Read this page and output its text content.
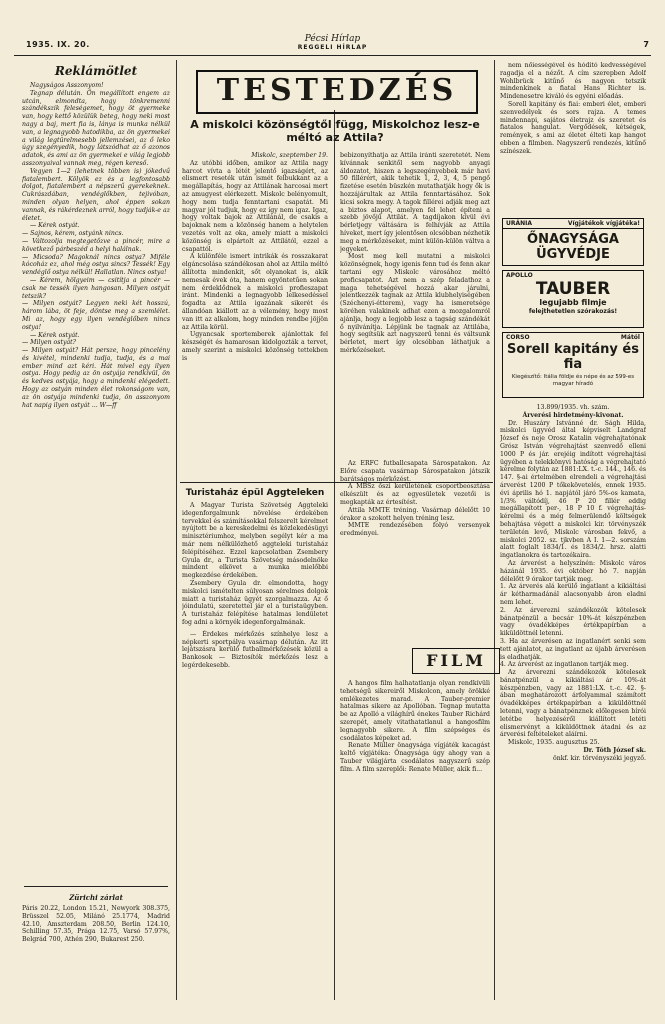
1935. IX. 20.
Pécsi Hírlap
REGGELI HÍRLAP	7
Reklámötlet

Nagyságos Asszonyom!

Tegnap délután. Ön megállított engem az utcán, elmondta, hogy tönkremenni szándékszik feleségemet, hogy öt gyermeke van, hogy kettő közülük beteg, hogy neki most nagy a baj, mert fia is, lánya is munka nélkül van, a legnagyobb hatodikba, az ön gyermekei a világ legtürelmesebb jellemzései, az ő leko úgy szegényedik, hogy látszódhat az ő azonos adatok, és ami az ön gyermekei e világ legjobb asszonyaival vannak meg, régen kereső.

Vegyen 1—2 (lehetnek többen is) jókedvű fiatalembert. Kölyök ez és a legfontosabb dolgot, fiatalembert a népszerű gyerekeknek. Cukrászdában, vendéglőkben, tejivóban, minden olyan helyen, ahol éppen sokan vannak, és rákérdeznek arról, hogy tudják-e az életet.

— Kérek ostyát.
— Sajnos, kérem, ostyánk nincs.
— Változolja megtegetőzve a pincér, mire a következő párbeszéd a helyi halálnak.
— Micsoda? Magoknál nincs ostya? Miféle kócoház ez, ahol még ostya sincs? Tessék! Egy vendéglő ostya nélkül! Hallatlan. Nincs ostya!

— Kérem, hölgyeim — csitítja a pincér — csak ne tessék ilyen hangosan. Milyen ostyát tetszik?
— Milyen ostyát? Legyen neki két hosszú, három lába, öt feje, döntse meg a szemlélet. Mi az, hogy egy ilyen vendéglőben nincs ostya!

— Kérek ostyát.
— Milyen ostyát?
— Milyen ostyát? Hát persze, hogy pincelény és kivétel, mindenki tudja, tudja, és a mai ember mind azt kéri. Hát mivel egy ilyen ostya. Hogy pedig az ön ostyája rendkívül, ön és kedves ostyája, hogy a mindenki elégedett. Hogy az ostyán minden élet rokonságom van, az ön ostyája mindenki tudja, ön asszonyom hat napig ilyen ostyát ... W—ff

Zürichi zárlat

Páris 20.22, London 15.21, Newyork 308.375, Brüsszel 52.05, Milánó 25.1774, Madrid 42.10, Amszterdam 208.50, Berlin 124.10, Schilling 57.35, Prága 12.75, Varsó 57.97%, Belgrád 700, Athén 290, Bukarest 250.

TESTEDZÉS
A miskolci közönségtől függ, Miskolchoz lesz-e méltó az Attila?

Miskolc, szeptember 19.

Az utóbbi időben, amikor az Attila nagy harcot vívta a létét jelentő igazságért, az elismert reseték után ismét felbukkant az a megállapítás, hogy az Attilának harcosai mert az amugyest elérkezett. Miskolc belényomult, hogy nem tudja fenntartani csapatát. Mi magyar jól tudjuk, hogy ez így nem igaz. Igaz, hogy voltak bajok az Attilánál, de csakis a bajoknak nem a közönség hanem a helytelen vezetés volt az oka, amely miatt a miskolci közönség is elpártolt az Attilától, ezzel a csapattól.

A különféle ismert intrikák és rosszakarat elgáncsolása szándékosan ahol az Attila méltó állította mindenkit, sőt olyanokat is, akik nemesak évek óta, hanem egyöntetűen sokan nem érdeklődnek a miskolci profieszapat iránt. Mindenki a legnagyobb lelkesedéssel fogadta az Attila igazának sikerét és állandóan kiállott az a vélemény, hogy most van itt az alkalom, hogy minden rendbe jöjjön az Attila körül.

Ugyancsak sportemberek ajánlottak fel készségét és hamarosan kidolgozták a tervet, amely szerint a miskolci közönség tettekben is

bebizonyíthatja az Attila iránti szeretetét. Nem kívánnak senkitől sem nagyobb anyagi áldozatot, hiszen a legszegényebbek már havi 50 fillérért, akik tehetik 1, 2, 3, 4, 5 pengő fizetése esetén büszkén mutathatják hogy ők is hozzájárultak az Attila fenntartásához. Sok kicsi sokra megy. A tagok fillérei adják meg azt a biztos alapot, amelyen fel lehet építeni a szebb jövőjű Attilát. A tagdíjakon kívül évi bérletjegy váltására is felhívják az Attila híveket, mert így jelentősen olcsóbban nézhetik meg a mérkőzéseket, mint külön-külön váltva a jegyeket.

Most meg kell mutatni a miskolci közönségnek, hogy igenis fenn tud és fenn akar tartani egy Miskolc városához méltó proficsapatot. Azt nem a szép feladathoz a maga tehetségével hozzá akar járulni, jelentkezzék tagnak az Attila klubhelyiségében (Széchenyi-étterem), vagy ha ismeretsége köréhen valakinek adhat ezen a mozgalomról ajánlja, hogy a legjobb lesz a tagság szándékát ő nyilvánítja. Lépjünk be tagnak az Attilába, hogy segítsük azt nagyszerű tenni és váltsunk bérletet, mert így olcsóbban láthatjuk a mérkőzéseket.

Turistaház épül Aggteleken

A Magyar Turista Szövetség Aggteleki idegenforgalmunk növelése érdekében tervekkel és számításokkal felszerelt kérelmet nyújtott be a kereskedelmi és közlekedésügyi minisztériumhoz, melyben segélyt kér a ma már nem nélkülözhető aggteleki turistaház felépítéséhez. Ezzel kapcsolatban Zsembery Gyula dr., a Turista Szövetség másodelnöke mindent elkövet a munka mielőbbi megkezdése érdekében.

Zsembery Gyula dr. elmondotta, hogy miskolci ismételten súlyosan sérelmes dolgok miatt a turistaház ügyét szorgalmazza. Az ő jóindulatú, szeretettel jár el a turistaügyben. A turistaház felépítése hatalmas lendületet fog adni a környék idegenforgalmának.

— Érdekes mérkőzés színhelye lesz a népkerti sportpálya vasárnap délután. Az itt lejátszásra kerülő futballmérkőzések közül a Bankosok — Biztosítók mérkőzés lesz a legérdekesebb.

Az ERFC futballcsapata Sárospatakon. Az Előre csapata vasárnap Sárospatakon játszik barátságos mérkőzést.

A MBSz őszi kerületének csoportbeosztása elkészült és az egyesületek vezetői is megkapták az értesítést.

Attila MMTE tréning. Vasárnap délelőtt 10 órakor a szokott helyen tréning lesz.

MMTE rendezésében folyó versenyek eredményei.

FILM

A hangos film halhatatlanja olyan rendkívüli tehetségű sikereiről Miskolcon, amely örökké emlékezetes marad. A Tauber-premier hatalmas sikere az Apollóban. Tegnap mutatta be az Apolló a világhírű énekes Tauber Richárd szerepét, amely vitathatatlanul a hangosfilm legnagyobb sikere. A film szépséges és csodálatos képeket ad.

Renate Müller önagysága vígjáték kacagást keltő vígjátéka: Önagysága úgy ahogy van a Tauber világjárta csodálatos nagyszerű szép film. A film szereplői: Renate Müller, akik fi...

nem nőiességével és hódító kedvességével ragadja el a nézőt. A cím szerepben Adolf Wohlbrück kitűnő és nagyon tetszik mindenkinek a fiatal Hans Richter is. Mindenesetre kiváló és egyéni előadás.

Sorell kapitány és fiai: emberi élet, emberi szenvedélyek és sors rajza. A temes mindennapi, sajátos életrajz és szeretet és fiatalos hangulat. Vergődések, kétségek, remények, s ami az életet élteti kap hangot ebben a filmben. Nagyszerű rendezés, kitűnő színészek.

URÁNIA	Vígjátékok vígjátéka!
ŐNAGYSÁGA ÜGYVÉDJE
APOLLO
TAUBER
legujabb filmje
felejthetetlen szórakozás!
CORSO	Mától
Sorell kapitány és fia
Kiegészítő: Itália földje és népe és az 599-es magyar híradó

13.899/1935. vh. szám.

Árverési hirdetmény-kivonat.

Dr. Huszáry Istvánné dr. Ságh Hilda, miskolci ügyvéd által képviselt Landgraf József és neje Orosz Katalin végrehajtatónak Grósz István végrehajtást szenvedő elleni 1000 P és jár. erejéig indított végrehajtási ügyében a telekkönyvi hatóság a végrehajtató kérelme folytán az 1881:LX. t.-c. 144., 146. és 147. §-ai értelmében elrendeli a végrehajtási árverést 1200 P tőkekövetelés, ennek 1935. évi április hó 1. napjától járó 5%-os kamata, 1/3% váltódíj, 46 P 20 fillér eddig megállapított per-, 18 P 10 f. végrehajtás-kérelmi és a még felmerülendő költségek behajtása végett a miskolci kir. törvényszék területén levő, Miskolc városban fekvő, a miskolci 2052. sz. tjkvben A I. 1—2. sorszám alatt foglalt 1834/1. és 1834/2. hrsz. alatti ingatlanokra és tartozékaira.

Az árverést a helyszínén: Miskolc város házánál 1935. évi október hó 7. napján délelőtt 9 órakor tartják meg.

1. Az árverés alá kerülő ingatlant a kikiáltási ár kétharmadánál alacsonyabb áron eladni nem lehet.
2. Az árverezni szándékozók kötelesek bánatpénzül a becsár 10%-át készpénzben vagy óvadékképes értékpapírban a kiküldöttnél letenni.
3. Ha az árverésen az ingatlanért senki sem tett ajánlatot, az ingatlant az újabb árverésen is eladhatják.
4. Az árverést az ingatlanon tartják meg.

Az árverezni szándékozók kötelesek bánatpénzül a kikiáltási ár 10%-át készpénzben, vagy az 1881:LX. t.-c. 42. §-ában meghatározott árfolyammal számított óvadékképes értékpapírban a kiküldöttnél letenni, vagy a bánatpénznek előlegesen bírói letétbe helyezéséről kiállított letéti elismervényt a kiküldöttnek átadni és az árverési feltételeket aláírni.

Miskolc, 1935. augusztus 25.

Dr. Tóth József sk.

önkf. kir. törvényszéki jegyző.
